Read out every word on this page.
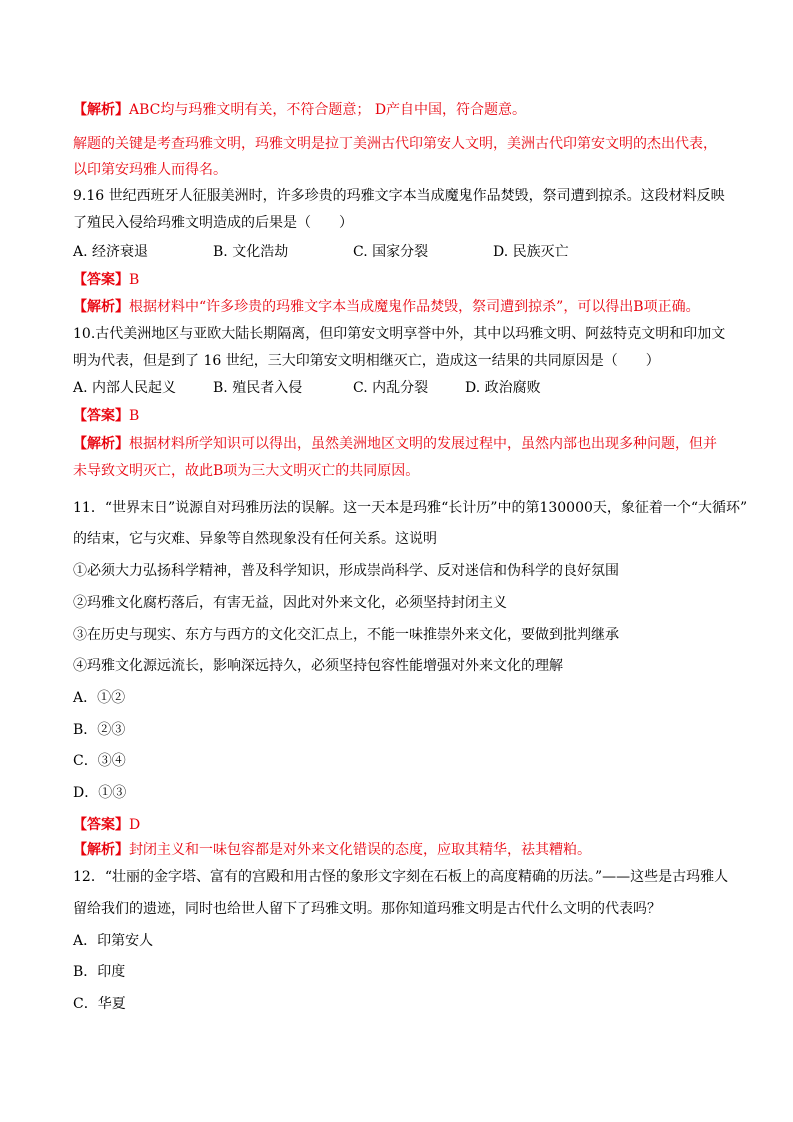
【解析】ABC均与玛雅文明有关，不符合题意； D产自中国，符合题意。
解题的关键是考查玛雅文明，玛雅文明是拉丁美洲古代印第安人文明，美洲古代印第安文明的杰出代表，
以印第安玛雅人而得名。
9.16 世纪西班牙人征服美洲时，许多珍贵的玛雅文字本当成魔鬼作品焚毁，祭司遭到掠杀。这段材料反映
了殖民入侵给玛雅文明造成的后果是（　　）
A. 经济衰退	B. 文化浩劫	C. 国家分裂	D. 民族灭亡
【答案】B
【解析】根据材料中“许多珍贵的玛雅文字本当成魔鬼作品焚毁，祭司遭到掠杀”，可以得出B项正确。
10.古代美洲地区与亚欧大陆长期隔离，但印第安文明享誉中外，其中以玛雅文明、阿兹特克文明和印加文
明为代表，但是到了 16 世纪，三大印第安文明相继灭亡，造成这一结果的共同原因是（　　）
A. 内部人民起义	B. 殖民者入侵	C. 内乱分裂	D. 政治腐败
【答案】B
【解析】根据材料所学知识可以得出，虽然美洲地区文明的发展过程中，虽然内部也出现多种问题，但并
未导致文明灭亡，故此B项为三大文明灭亡的共同原因。
11．“世界末日”说源自对玛雅历法的误解。这一天本是玛雅“长计历”中的第130000天，象征着一个“大循环”
的结束，它与灾难、异象等自然现象没有任何关系。这说明
①必须大力弘扬科学精神，普及科学知识，形成崇尚科学、反对迷信和伪科学的良好氛围
②玛雅文化腐朽落后，有害无益，因此对外来文化，必须坚持封闭主义
③在历史与现实、东方与西方的文化交汇点上，不能一味推崇外来文化，要做到批判继承
④玛雅文化源远流长，影响深远持久，必须坚持包容性能增强对外来文化的理解
A．①②
B．②③
C．③④
D．①③
【答案】D
【解析】封闭主义和一味包容都是对外来文化错误的态度，应取其精华，祛其糟粕。
12．“壮丽的金字塔、富有的宫殿和用古怪的象形文字刻在石板上的高度精确的历法。”——这些是古玛雅人
留给我们的遗迹，同时也给世人留下了玛雅文明。那你知道玛雅文明是古代什么文明的代表吗？
A．印第安人
B．印度
C．华夏
